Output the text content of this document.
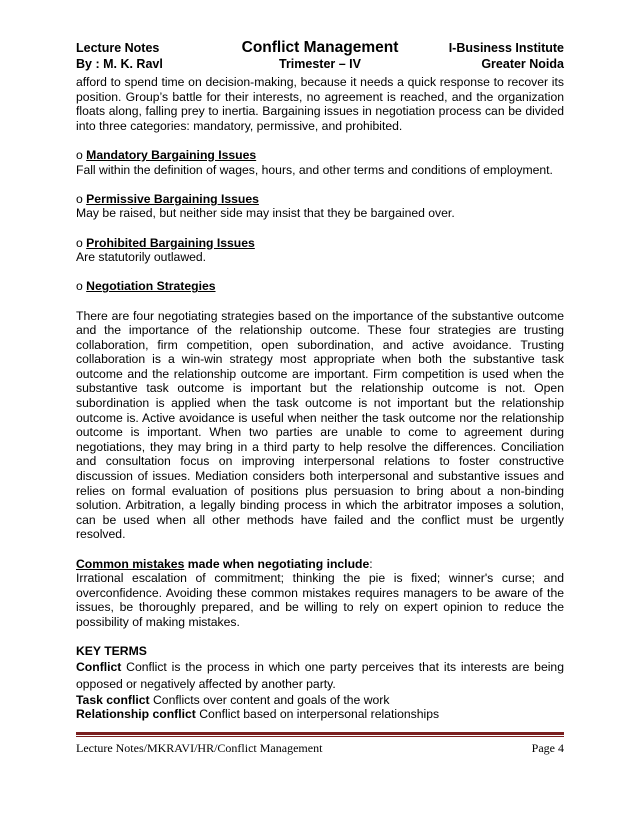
Lecture Notes	Conflict Management	I-Business Institute
By : M. K. Ravl	Trimester – IV	Greater Noida

afford to spend time on decision-making, because it needs a quick response to recover its position. Group’s battle for their interests, no agreement is reached, and the organization floats along, falling prey to inertia. Bargaining issues in negotiation process can be divided into three categories: mandatory, permissive, and prohibited.

o Mandatory Bargaining Issues

Fall within the definition of wages, hours, and other terms and conditions of employment.

o Permissive Bargaining Issues

May be raised, but neither side may insist that they be bargained over.

o Prohibited Bargaining Issues

Are statutorily outlawed.

o Negotiation Strategies

There are four negotiating strategies based on the importance of the substantive outcome and the importance of the relationship outcome. These four strategies are trusting collaboration, firm competition, open subordination, and active avoidance. Trusting collaboration is a win-win strategy most appropriate when both the substantive task outcome and the relationship outcome are important. Firm competition is used when the substantive task outcome is important but the relationship outcome is not. Open subordination is applied when the task outcome is not important but the relationship outcome is. Active avoidance is useful when neither the task outcome nor the relationship outcome is important. When two parties are unable to come to agreement during negotiations, they may bring in a third party to help resolve the differences. Conciliation and consultation focus on improving interpersonal relations to foster constructive discussion of issues. Mediation considers both interpersonal and substantive issues and relies on formal evaluation of positions plus persuasion to bring about a non-binding solution. Arbitration, a legally binding process in which the arbitrator imposes a solution, can be used when all other methods have failed and the conflict must be urgently resolved.

Common mistakes made when negotiating include:

Irrational escalation of commitment; thinking the pie is fixed; winner's curse; and overconfidence. Avoiding these common mistakes requires managers to be aware of the issues, be thoroughly prepared, and be willing to rely on expert opinion to reduce the possibility of making mistakes.

KEY TERMS

Conflict Conflict is the process in which one party perceives that its interests are being opposed or negatively affected by another party.

Task conflict Conflicts over content and goals of the work

Relationship conflict Conflict based on interpersonal relationships

Lecture Notes/MKRAVI/HR/Conflict Management	Page 4
